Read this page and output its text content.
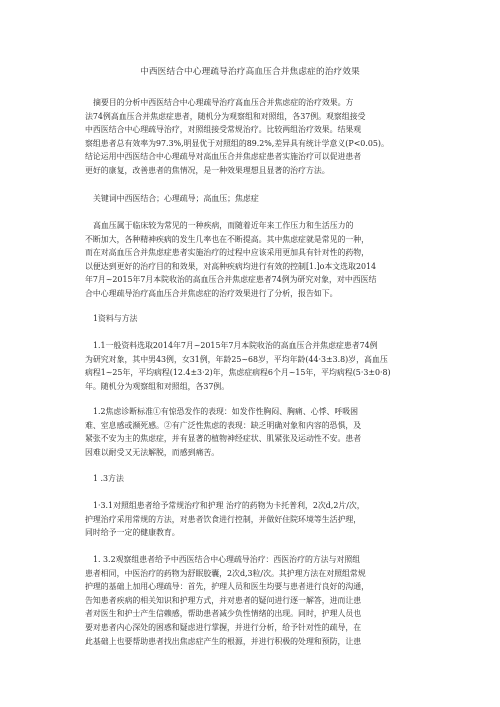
中西医结合中心理疏导治疗高血压合并焦虑症的治疗效果
摘要目的分析中西医结合中心理疏导治疗高血压合并焦虑症的治疗效果。方
法74例高血压合并焦虑症患者，随机分为观察组和对照组，各37例。观察组接受
中西医结合中心理疏导治疗，对照组接受常规治疗。比较两组治疗效果。结果观
察组患者总有效率为97.3%,明显优于对照组的89.2%,差异具有统计学意义(P<0.05)。
结论运用中西医结合中心理疏导对高血压合并焦虑症患者实施治疗可以促进患者
更好的康复，改善患者的焦情况，是一种效果理想且显著的治疗方法。
关键词中西医结合；心理疏导；高血压；焦虑症
高血压属于临床较为常见的一种疾病，而随着近年来工作压力和生活压力的
不断加大，各种精神疾病的发生几率也在不断提高。其中焦虑症就是常见的一种，
而在对高血压合并焦虑症患者实施治疗的过程中应该采用更加具有针对性的药物，
以便达到更好的治疗目的和效果，对高种疾病均进行有效的控制[1.]o本文选取2014
年7月~2015年7月本院收治的高血压合并焦虑症患者74例为研究对象，对中西医结
合中心理疏导治疗高血压合并焦虑症的治疗效果进行了分析，报告如下。
1资料与方法
1.1一般资料选取2014年7月~2015年7月本院收治的高血压合并焦虑症患者74例
为研究对象，其中男43例，女31例，年龄25~68岁，平均年龄(44·3±3.8)岁，高血压
病程1~25年，平均病程(12.4±3·2)年，焦虑症病程6个月~15年，平均病程(5·3±0·8)
年。随机分为观察组和对照组，各37例。
1.2焦虑诊断标准①有惊恐发作的表现：如发作性胸闷、胸痛、心悸、呼吸困
难、室息感或濒死感。②有广泛性焦虑的表现：缺乏明确对象和内容的恐惧，及
紧张不安为主的焦虑症，并有显著的植物神经症状、肌紧张及运动性不安。患者
因难以耐受又无法解脱，而感到痛苦。
1 .3方法
1·3.1对照组患者给予常规治疗和护理 治疗的药物为卡托普利，2次d,2片/次，
护理治疗采用常规的方法，对患者饮食进行控制，并做好住院环境等生活护理，
同时给予一定的健康教育。
1. 3.2观察组患者给予中西医结合中心理疏导治疗：西医治疗的方法与对照组
患者相同，中医治疗的药物为舒眠胶囊，2次d,3粒/次。其护理方法在对照组常规
护理的基础上加用心理疏导：首先，护理人员和医生均要与患者进行良好的沟通，
告知患者疾病的相关知识和护理方式，并对患者的疑问进行逐一解答，进而让患
者对医生和护士产生信赖感，帮助患者减少负性情绪的出现。同时，护理人员也
要对患者内心深处的困惑和疑虑进行掌握，并进行分析，给予针对性的疏导，在
此基础上也要帮助患者找出焦虑症产生的根源，并进行积极的处理和预防，让患
